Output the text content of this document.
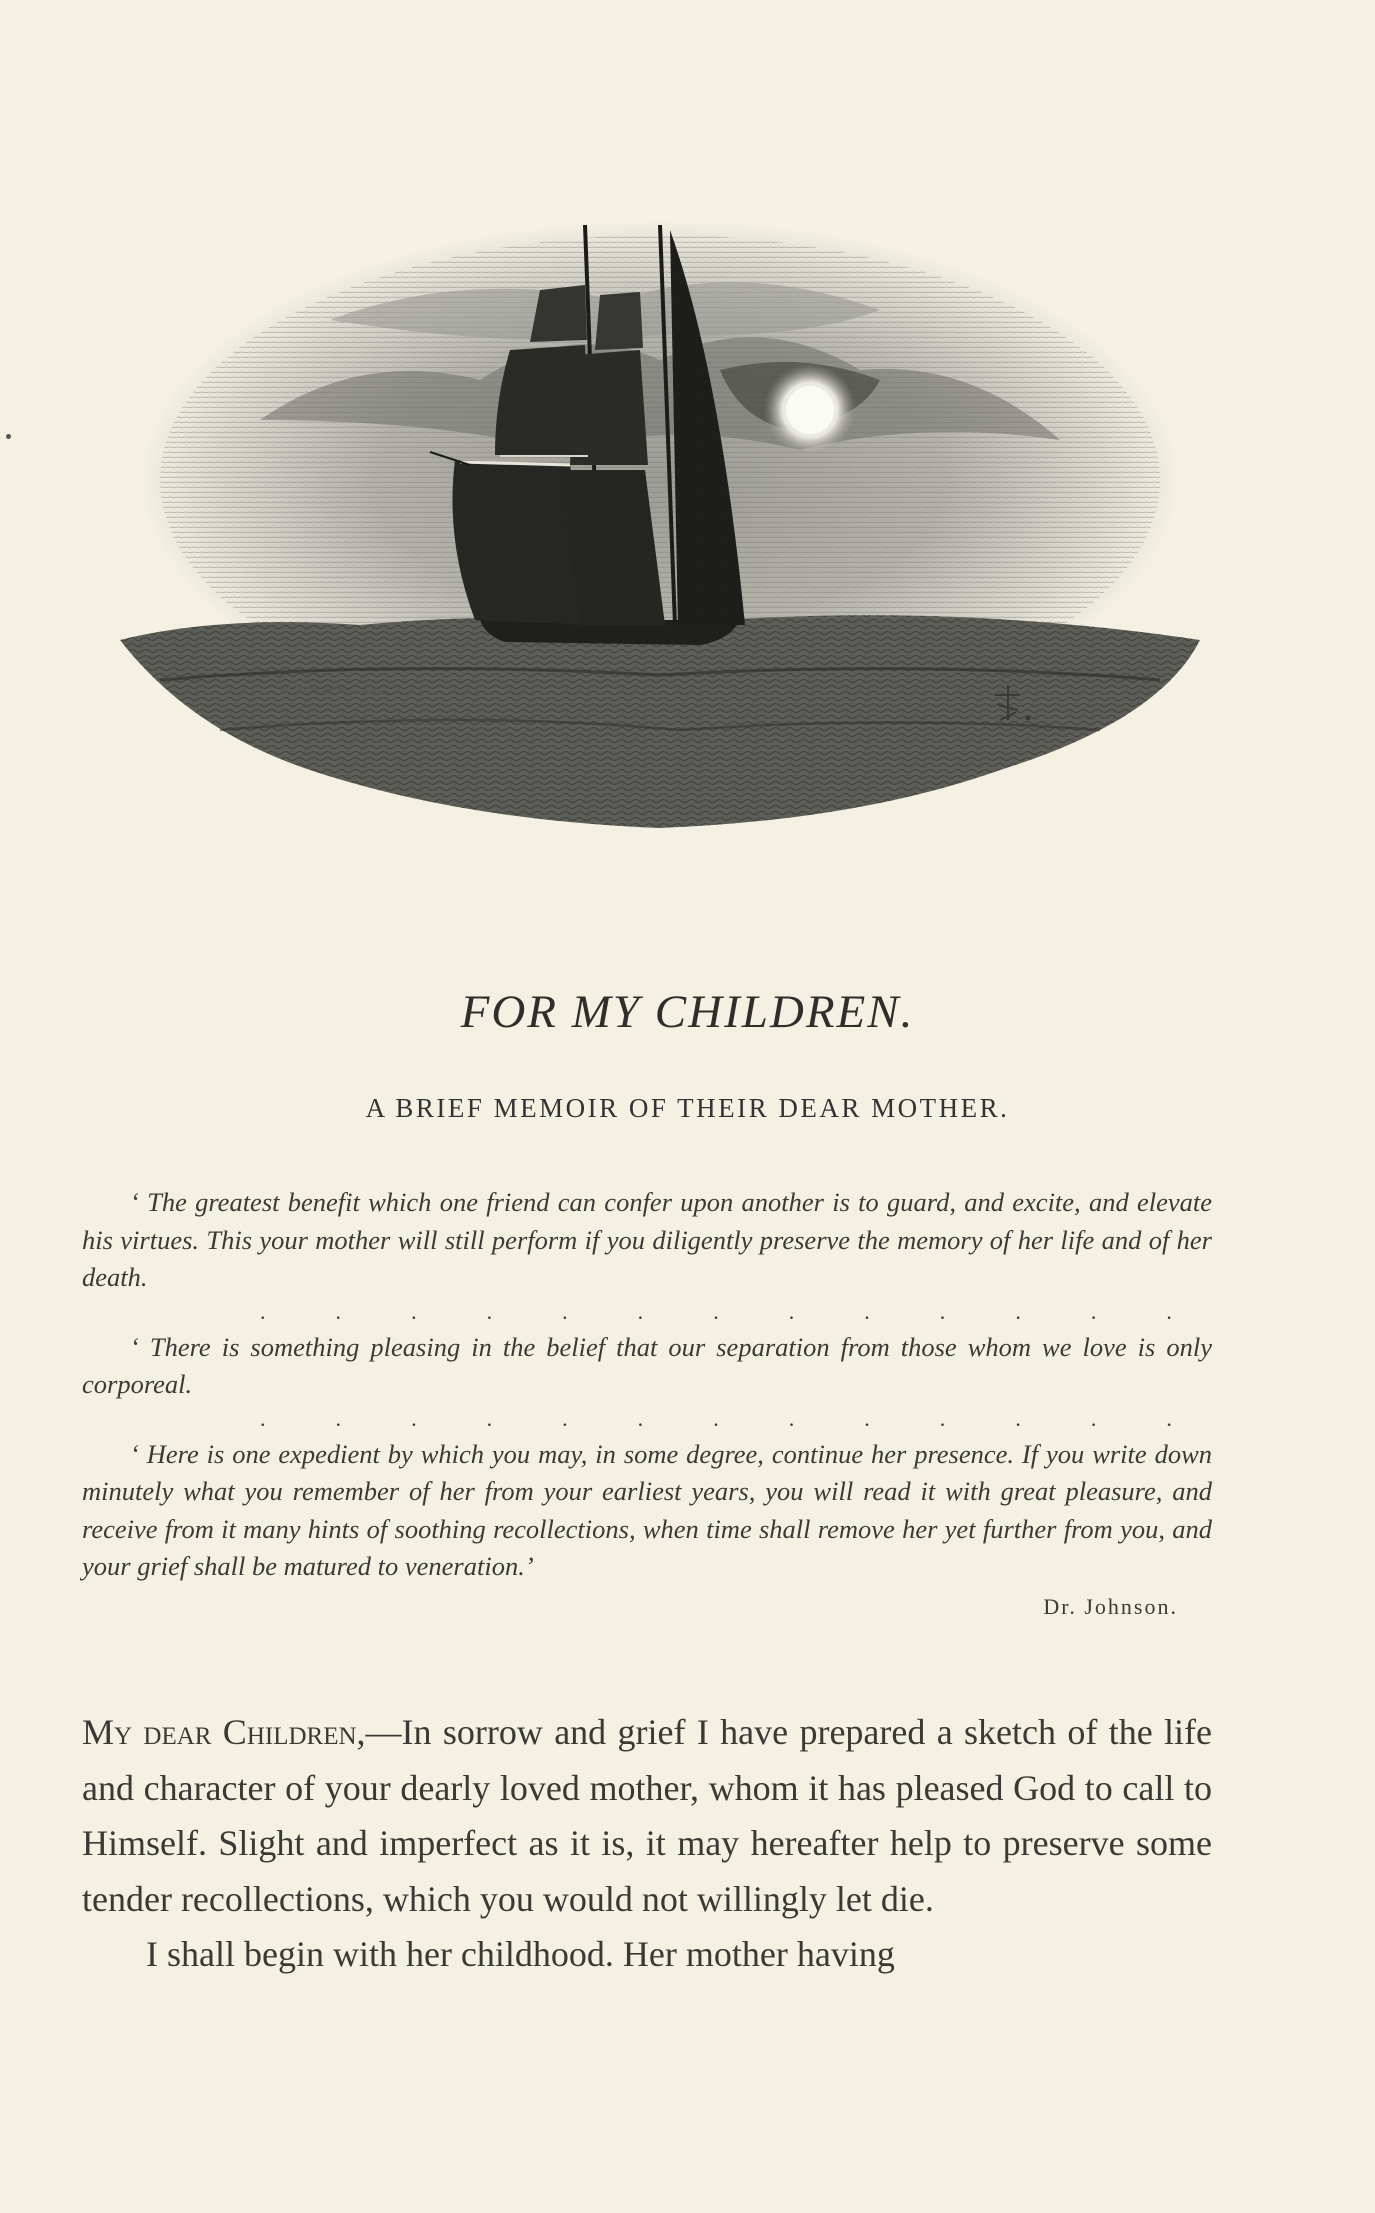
FOR MY CHILDREN.
A BRIEF MEMOIR OF THEIR DEAR MOTHER.

‘ The greatest benefit which one friend can confer upon another is to guard, and excite, and elevate his virtues. This your mother will still perform if you diligently preserve the memory of her life and of her death.

.	.	.	.	.	.	.	.	.	.	.	.	.

‘ There is something pleasing in the belief that our separation from those whom we love is only corporeal.

.	.	.	.	.	.	.	.	.	.	.	.	.

‘ Here is one expedient by which you may, in some degree, continue her presence. If you write down minutely what you remember of her from your earliest years, you will read it with great pleasure, and receive from it many hints of soothing recollections, when time shall remove her yet further from you, and your grief shall be matured to veneration.’

Dr. Johnson.

My dear Children,—In sorrow and grief I have prepared a sketch of the life and character of your dearly loved mother, whom it has pleased God to call to Himself. Slight and imperfect as it is, it may hereafter help to preserve some tender recollections, which you would not willingly let die.

I shall begin with her childhood. Her mother having
